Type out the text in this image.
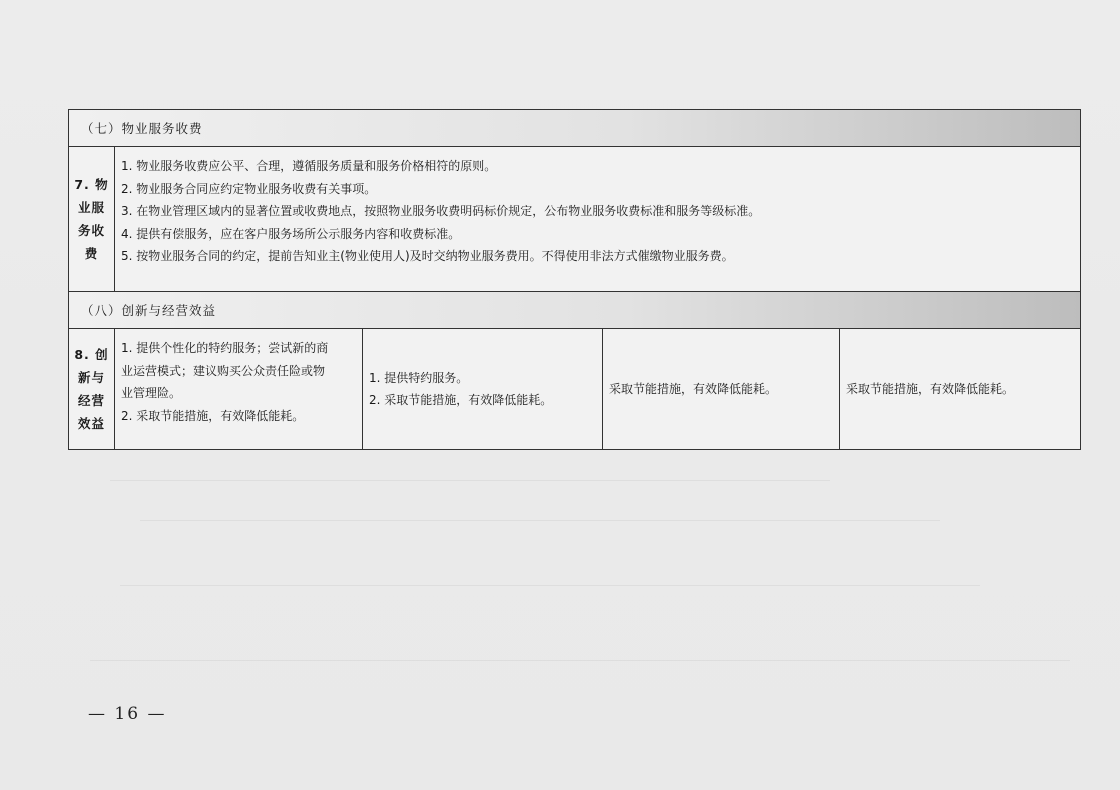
（七）物业服务收费
7. 物
业服
务收
费
1. 物业服务收费应公平、合理，遵循服务质量和服务价格相符的原则。
2. 物业服务合同应约定物业服务收费有关事项。
3. 在物业管理区域内的显著位置或收费地点，按照物业服务收费明码标价规定，公布物业服务收费标准和服务等级标准。
4. 提供有偿服务，应在客户服务场所公示服务内容和收费标准。
5. 按物业服务合同的约定，提前告知业主(物业使用人)及时交纳物业服务费用。不得使用非法方式催缴物业服务费。
（八）创新与经营效益
8. 创
新与
经营
效益
1. 提供个性化的特约服务；尝试新的商
业运营模式；建议购买公众责任险或物
业管理险。
2. 采取节能措施，有效降低能耗。
1. 提供特约服务。
2. 采取节能措施，有效降低能耗。
采取节能措施，有效降低能耗。	采取节能措施，有效降低能耗。
— 16 —
